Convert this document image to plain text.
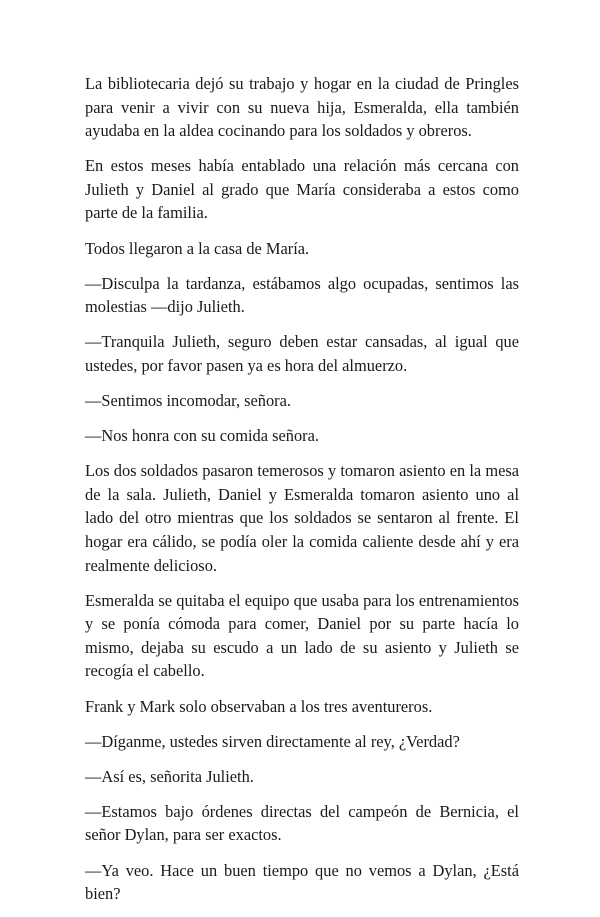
La bibliotecaria dejó su trabajo y hogar en la ciudad de Pringles para venir a vivir con su nueva hija, Esmeralda, ella también ayudaba en la aldea cocinando para los soldados y obreros.

En estos meses había entablado una relación más cercana con Julieth y Daniel al grado que María consideraba a estos como parte de la familia.

Todos llegaron a la casa de María.

—Disculpa la tardanza, estábamos algo ocupadas, sentimos las molestias —dijo Julieth.

—Tranquila Julieth, seguro deben estar cansadas, al igual que ustedes, por favor pasen ya es hora del almuerzo.

—Sentimos incomodar, señora.

—Nos honra con su comida señora.

Los dos soldados pasaron temerosos y tomaron asiento en la mesa de la sala. Julieth, Daniel y Esmeralda tomaron asiento uno al lado del otro mientras que los soldados se sentaron al frente. El hogar era cálido, se podía oler la comida caliente desde ahí y era realmente delicioso.

Esmeralda se quitaba el equipo que usaba para los entrenamientos y se ponía cómoda para comer, Daniel por su parte hacía lo mismo, dejaba su escudo a un lado de su asiento y Julieth se recogía el cabello.

Frank y Mark solo observaban a los tres aventureros.

—Díganme, ustedes sirven directamente al rey, ¿Verdad?

—Así es, señorita Julieth.

—Estamos bajo órdenes directas del campeón de Bernicia, el señor Dylan, para ser exactos.

—Ya veo. Hace un buen tiempo que no vemos a Dylan, ¿Está bien?
